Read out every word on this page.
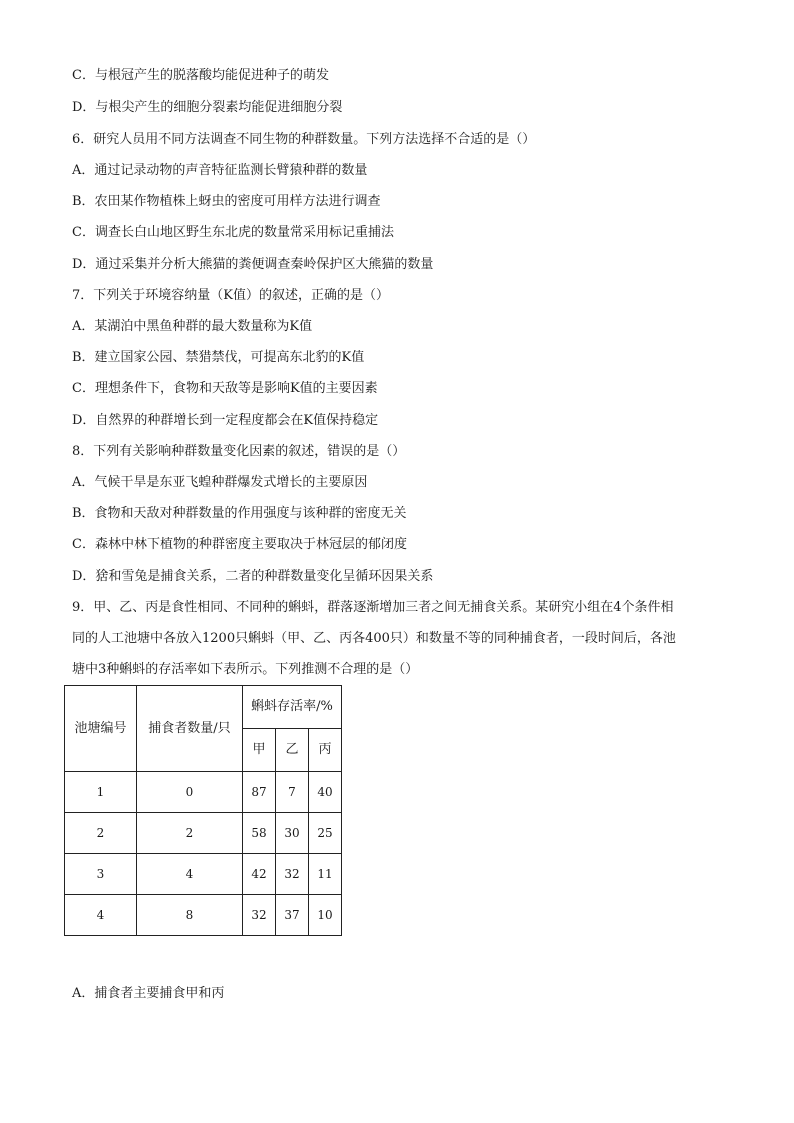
C．与根冠产生的脱落酸均能促进种子的萌发
D．与根尖产生的细胞分裂素均能促进细胞分裂
6．研究人员用不同方法调查不同生物的种群数量。下列方法选择不合适的是（）
A．通过记录动物的声音特征监测长臂猿种群的数量
B．农田某作物植株上蚜虫的密度可用样方法进行调查
C．调查长白山地区野生东北虎的数量常采用标记重捕法
D．通过采集并分析大熊猫的粪便调查秦岭保护区大熊猫的数量
7．下列关于环境容纳量（K值）的叙述，正确的是（）
A．某湖泊中黑鱼种群的最大数量称为K值
B．建立国家公园、禁猎禁伐，可提高东北豹的K值
C．理想条件下，食物和天敌等是影响K值的主要因素
D．自然界的种群增长到一定程度都会在K值保持稳定
8．下列有关影响种群数量变化因素的叙述，错误的是（）
A．气候干旱是东亚飞蝗种群爆发式增长的主要原因
B．食物和天敌对种群数量的作用强度与该种群的密度无关
C．森林中林下植物的种群密度主要取决于林冠层的郁闭度
D．猞和雪兔是捕食关系，二者的种群数量变化呈循环因果关系
9．甲、乙、丙是食性相同、不同种的蝌蚪，群落逐渐增加三者之间无捕食关系。某研究小组在4个条件相
同的人工池塘中各放入1200只蝌蚪（甲、乙、丙各400只）和数量不等的同种捕食者，一段时间后，各池
塘中3种蝌蚪的存活率如下表所示。下列推测不合理的是（）
池塘编号	捕食者数量/只	蝌蚪存活率/%		
		甲	乙	丙
1	0	87	7	40
2	2	58	30	25
3	4	42	32	11
4	8	32	37	10
A．捕食者主要捕食甲和丙
